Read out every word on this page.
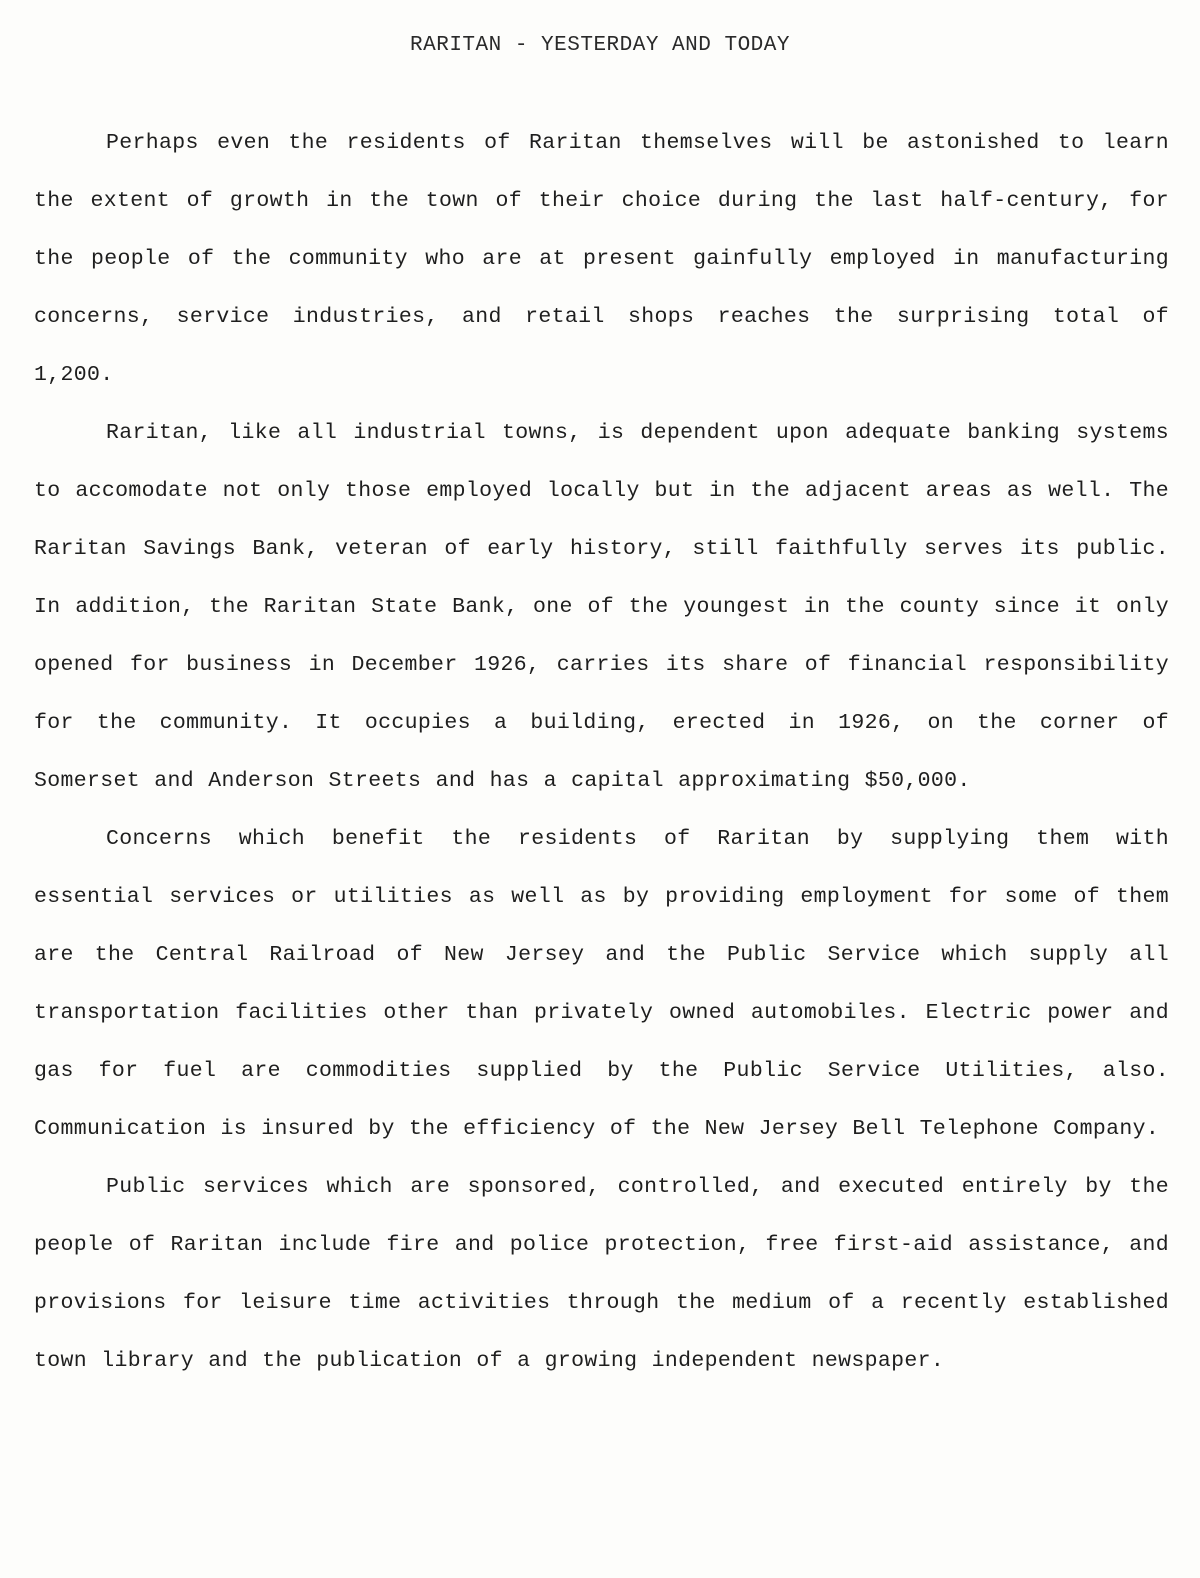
RARITAN - YESTERDAY AND TODAY

Perhaps even the residents of Raritan themselves will be astonished to learn the extent of growth in the town of their choice during the last half-century, for the people of the community who are at present gainfully employed in manufacturing concerns, service industries, and retail shops reaches the surprising total of 1,200.

Raritan, like all industrial towns, is dependent upon adequate banking systems to accomodate not only those employed locally but in the adjacent areas as well. The Raritan Savings Bank, veteran of early history, still faithfully serves its public. In addition, the Raritan State Bank, one of the youngest in the county since it only opened for business in December 1926, carries its share of financial responsibility for the community. It occupies a building, erected in 1926, on the corner of Somerset and Anderson Streets and has a capital approximating $50,000.

Concerns which benefit the residents of Raritan by supplying them with essential services or utilities as well as by providing employment for some of them are the Central Railroad of New Jersey and the Public Service which supply all transportation facilities other than privately owned automobiles. Electric power and gas for fuel are commodities supplied by the Public Service Utilities, also. Communication is insured by the efficiency of the New Jersey Bell Telephone Company.

Public services which are sponsored, controlled, and executed entirely by the people of Raritan include fire and police protection, free first-aid assistance, and provisions for leisure time activities through the medium of a recently established town library and the publication of a growing independent newspaper.
